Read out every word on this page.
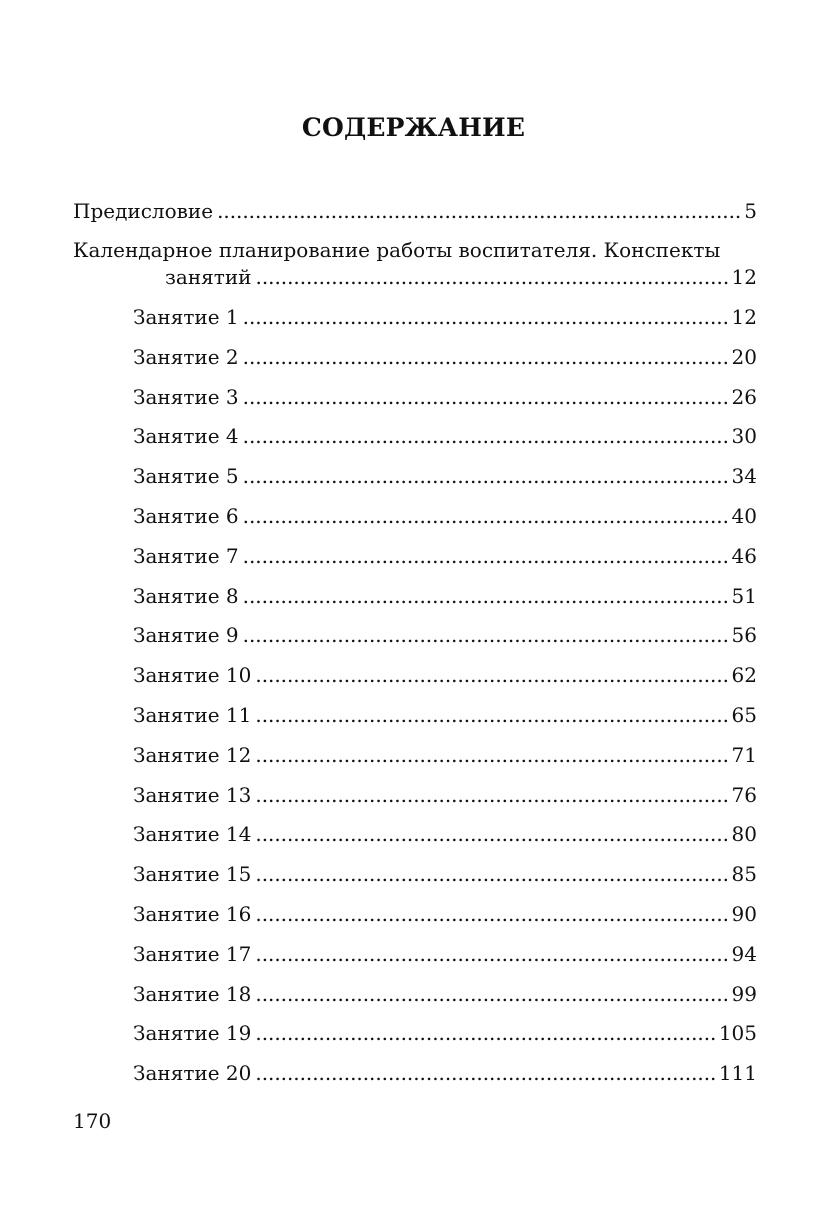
СОДЕРЖАНИЕ
Предисловие . . .	5
Календарное планирование работы воспитателя. Конспекты
занятий . . .	12
Занятие 1 . . .	12
Занятие 2 . . .	20
Занятие 3 . . .	26
Занятие 4 . . .	30
Занятие 5 . . .	34
Занятие 6 . . .	40
Занятие 7 . . .	46
Занятие 8 . . .	51
Занятие 9 . . .	56
Занятие 10 . . .	62
Занятие 11 . . .	65
Занятие 12 . . .	71
Занятие 13 . . .	76
Занятие 14 . . .	80
Занятие 15 . . .	85
Занятие 16 . . .	90
Занятие 17 . . .	94
Занятие 18 . . .	99
Занятие 19 . . .	105
Занятие 20 . . .	111
170
